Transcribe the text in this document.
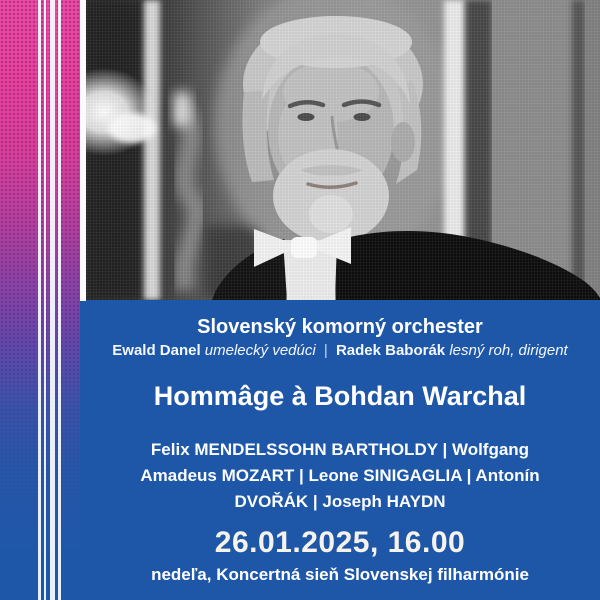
Slovenský komorný orchester
Ewald Danel umelecký vedúci | Radek Baborák lesný roh, dirigent
Hommâge à Bohdan Warchal
Felix MENDELSSOHN BARTHOLDY | Wolfgang
Amadeus MOZART | Leone SINIGAGLIA | Antonín
DVOŘÁK | Joseph HAYDN
26.01.2025, 16.00
nedeľa, Koncertná sieň Slovenskej filharmónie
